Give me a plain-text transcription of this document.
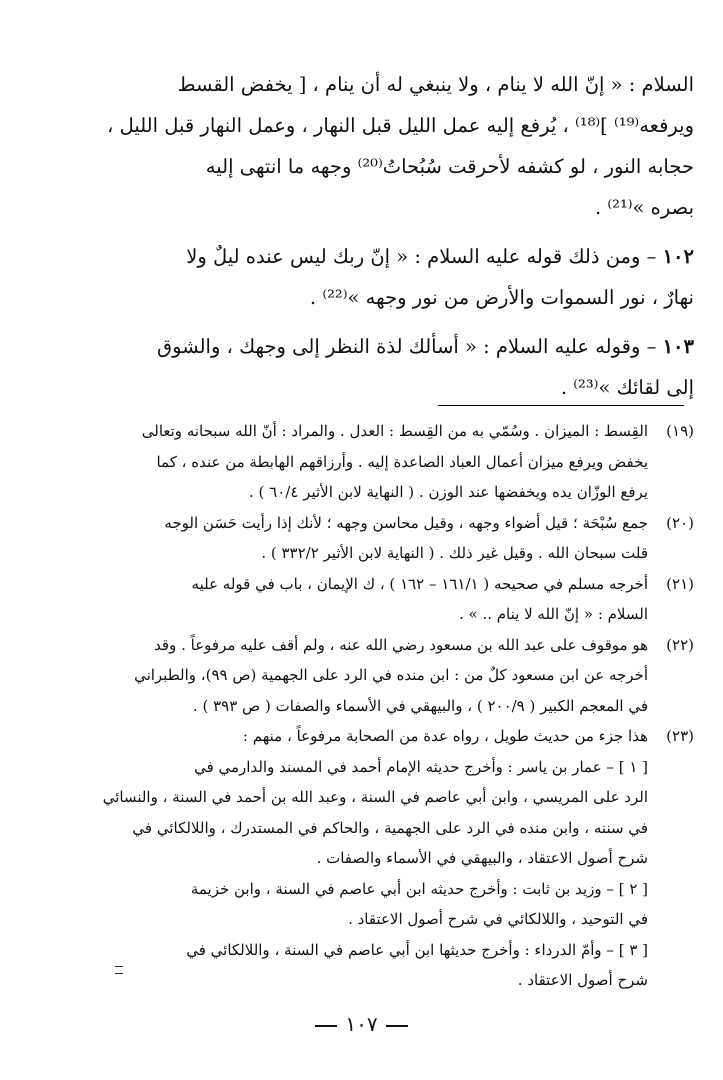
السلام : « إنّ الله لا ينام ، ولا ينبغي له أن ينام ، [ يخفض القسط
ويرفعه⁽¹⁹⁾ ]⁽¹⁸⁾ ، يُرفع إليه عمل الليل قبل النهار ، وعمل النهار قبل الليل ،
حجابه النور ، لو كشفه لأحرقت سُبُحاتُ⁽²⁰⁾ وجهه ما انتهى إليه
بصره »⁽²¹⁾ .

١٠٢ – ومن ذلك قوله عليه السلام : « إنّ ربك ليس عنده ليلٌ ولا
نهارٌ ، نور السموات والأرض من نور وجهه »⁽²²⁾ .

١٠٣ – وقوله عليه السلام : « أسألك لذة النظر إلى وجهك ، والشوق
إلى لقائك »⁽²³⁾ .

(١٩)

القِسط : الميزان . وسُمّي به من القِسط : العدل . والمراد : أنّ الله سبحانه وتعالى

يخفض ويرفع ميزان أعمال العباد الصاعدة إليه . وأرزاقهم الهابطة من عنده ، كما

يرفع الوزّان يده ويخفضها عند الوزن . ( النهاية لابن الأثير ٦٠/٤ ) .

(٢٠)

جمع سُبْحَة ؛ قيل أضواء وجهه ، وقيل محاسن وجهه ؛ لأنك إذا رأيت حَسَن الوجه

قلت سبحان الله . وقيل غير ذلك . ( النهاية لابن الأثير ٣٣٢/٢ ) .

(٢١)

أخرجه مسلم في صحيحه ( ١٦١/١ – ١٦٢ ) ، ك الإيمان ، باب في قوله عليه

السلام : « إنّ الله لا ينام .. » .

(٢٢)

هو موقوف على عبد الله بن مسعود رضي الله عنه ، ولم أقف عليه مرفوعاً . وقد

أخرجه عن ابن مسعود كلٌ من : ابن منده في الرد على الجهمية (ص ٩٩)، والطبراني

في المعجم الكبير ( ٢٠٠/٩ ) ، والبيهقي في الأسماء والصفات ( ص ٣٩٣ ) .

(٢٣)

هذا جزء من حديث طويل ، رواه عدة من الصحابة مرفوعاً ، منهم :

[ ١ ] – عمار بن ياسر : وأخرج حديثه الإمام أحمد في المسند والدارمي في

الرد على المريسي ، وابن أبي عاصم في السنة ، وعبد الله بن أحمد في السنة ، والنسائي

في سننه ، وابن منده في الرد على الجهمية ، والحاكم في المستدرك ، واللالكائي في

شرح أصول الاعتقاد ، والبيهقي في الأسماء والصفات .

[ ٢ ] – وزيد بن ثابت : وأخرج حديثه ابن أبي عاصم في السنة ، وابن خزيمة

في التوحيد ، واللالكائي في شرح أصول الاعتقاد .

[ ٣ ] – وأمّ الدرداء : وأخرج حديثها ابن أبي عاصم في السنة ، واللالكائي في

شرح أصول الاعتقاد .

١٠٧
